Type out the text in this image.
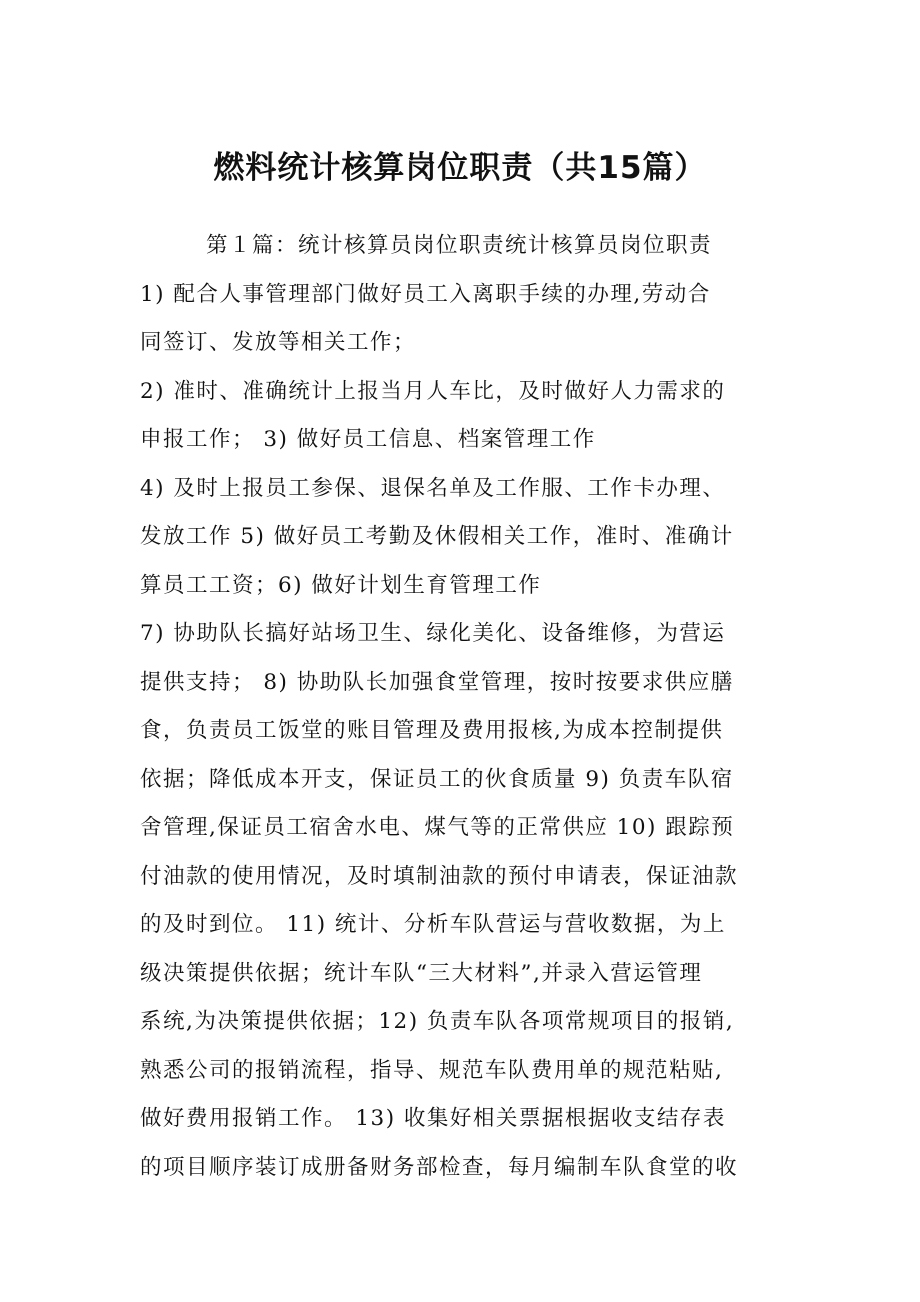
燃料统计核算岗位职责（共15篇）
第１篇：统计核算员岗位职责统计核算员岗位职责
1) 配合人事管理部门做好员工入离职手续的办理,劳动合
同签订、发放等相关工作；
2) 准时、准确统计上报当月人车比，及时做好人力需求的
申报工作； 3) 做好员工信息、档案管理工作
4) 及时上报员工参保、退保名单及工作服、工作卡办理、
发放工作 5) 做好员工考勤及休假相关工作，准时、准确计
算员工工资；6) 做好计划生育管理工作
7) 协助队长搞好站场卫生、绿化美化、设备维修，为营运
提供支持； 8) 协助队长加强食堂管理，按时按要求供应膳
食，负责员工饭堂的账目管理及费用报核,为成本控制提供
依据；降低成本开支，保证员工的伙食质量 9) 负责车队宿
舍管理,保证员工宿舍水电、煤气等的正常供应 10) 跟踪预
付油款的使用情况，及时填制油款的预付申请表，保证油款
的及时到位。 11) 统计、分析车队营运与营收数据，为上
级决策提供依据；统计车队“三大材料”,并录入营运管理
系统,为决策提供依据；12) 负责车队各项常规项目的报销,
熟悉公司的报销流程，指导、规范车队费用单的规范粘贴,
做好费用报销工作。 13) 收集好相关票据根据收支结存表
的项目顺序装订成册备财务部检查，每月编制车队食堂的收
